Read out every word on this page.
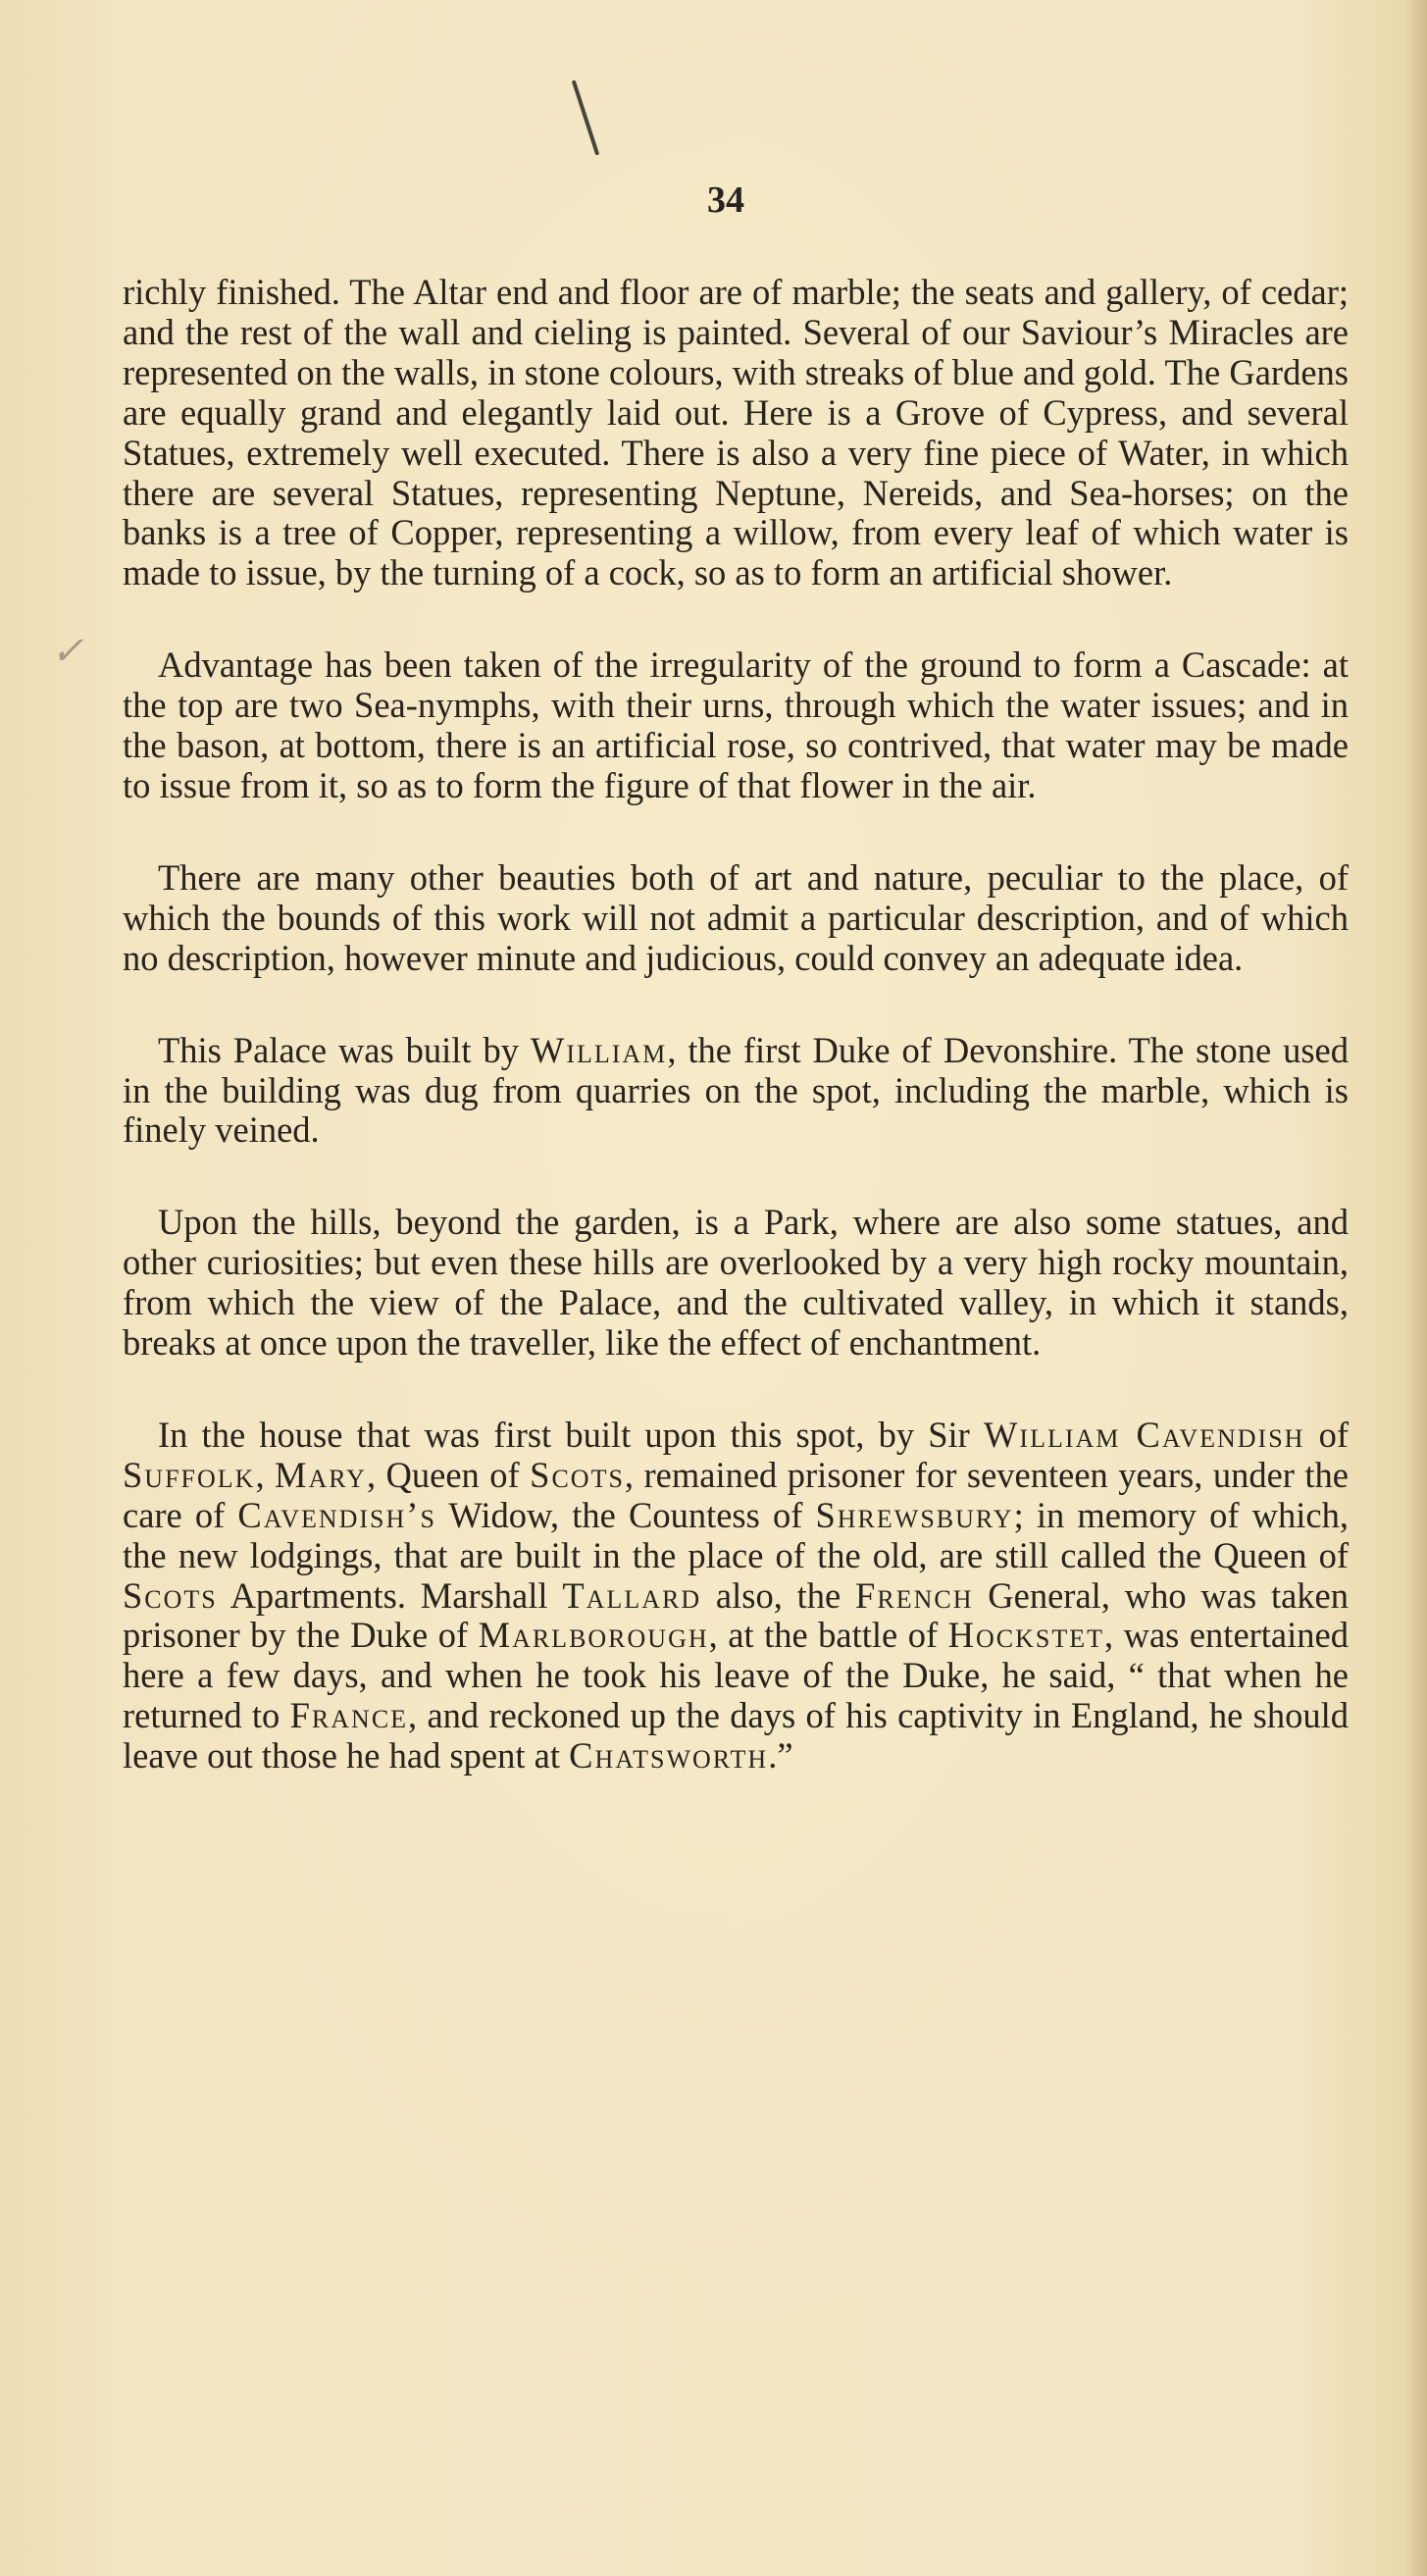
34
✓

richly finished. The Altar end and floor are of marble; the seats and gallery, of cedar; and the rest of the wall and cieling is painted. Several of our Saviour’s Miracles are represented on the walls, in stone colours, with streaks of blue and gold. The Gardens are equally grand and elegantly laid out. Here is a Grove of Cypress, and several Statues, extremely well executed. There is also a very fine piece of Water, in which there are several Statues, representing Neptune, Nereids, and Sea-horses; on the banks is a tree of Copper, representing a willow, from every leaf of which water is made to issue, by the turning of a cock, so as to form an artificial shower.

Advantage has been taken of the irregularity of the ground to form a Cascade: at the top are two Sea-nymphs, with their urns, through which the water issues; and in the bason, at bottom, there is an artificial rose, so contrived, that water may be made to issue from it, so as to form the figure of that flower in the air.

There are many other beauties both of art and nature, peculiar to the place, of which the bounds of this work will not admit a particular description, and of which no description, however minute and judicious, could convey an adequate idea.

This Palace was built by William, the first Duke of Devonshire. The stone used in the building was dug from quarries on the spot, including the marble, which is finely veined.

Upon the hills, beyond the garden, is a Park, where are also some statues, and other curiosities; but even these hills are overlooked by a very high rocky mountain, from which the view of the Palace, and the cultivated valley, in which it stands, breaks at once upon the traveller, like the effect of enchantment.

In the house that was first built upon this spot, by Sir William Cavendish of Suffolk, Mary, Queen of Scots, remained prisoner for seventeen years, under the care of Cavendish’s Widow, the Countess of Shrewsbury; in memory of which, the new lodgings, that are built in the place of the old, are still called the Queen of Scots Apartments. Marshall Tallard also, the French General, who was taken prisoner by the Duke of Marlborough, at the battle of Hockstet, was entertained here a few days, and when he took his leave of the Duke, he said, “ that when he returned to France, and reckoned up the days of his captivity in England, he should leave out those he had spent at Chatsworth.”
